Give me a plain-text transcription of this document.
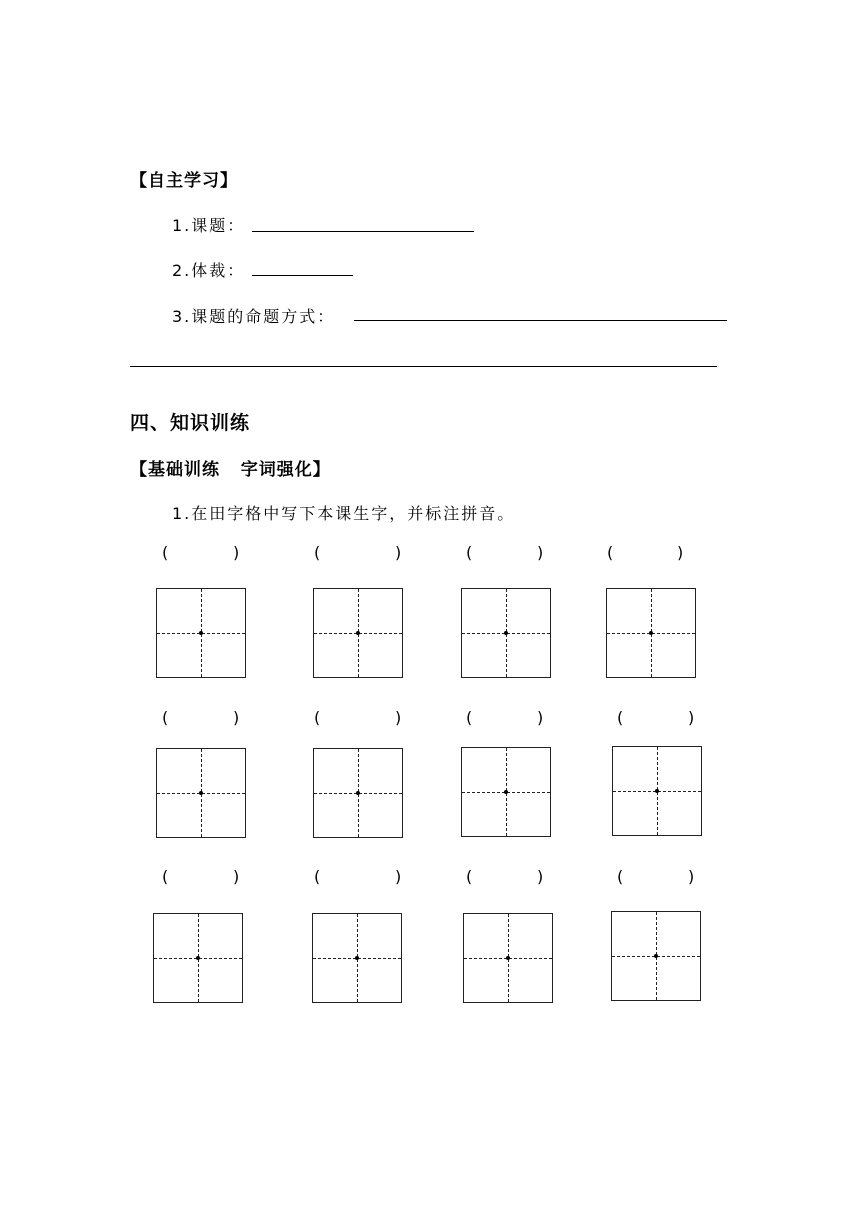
【自主学习】
1.课题：
2.体裁：
3.课题的命题方式：
四、知识训练
【基础训练   字词强化】
1.在田字格中写下本课生字，并标注拼音。
(	)	(	)	(	)	(	)
(	)	(	)	(	)	(	)
(	)	(	)	(	)	(	)
